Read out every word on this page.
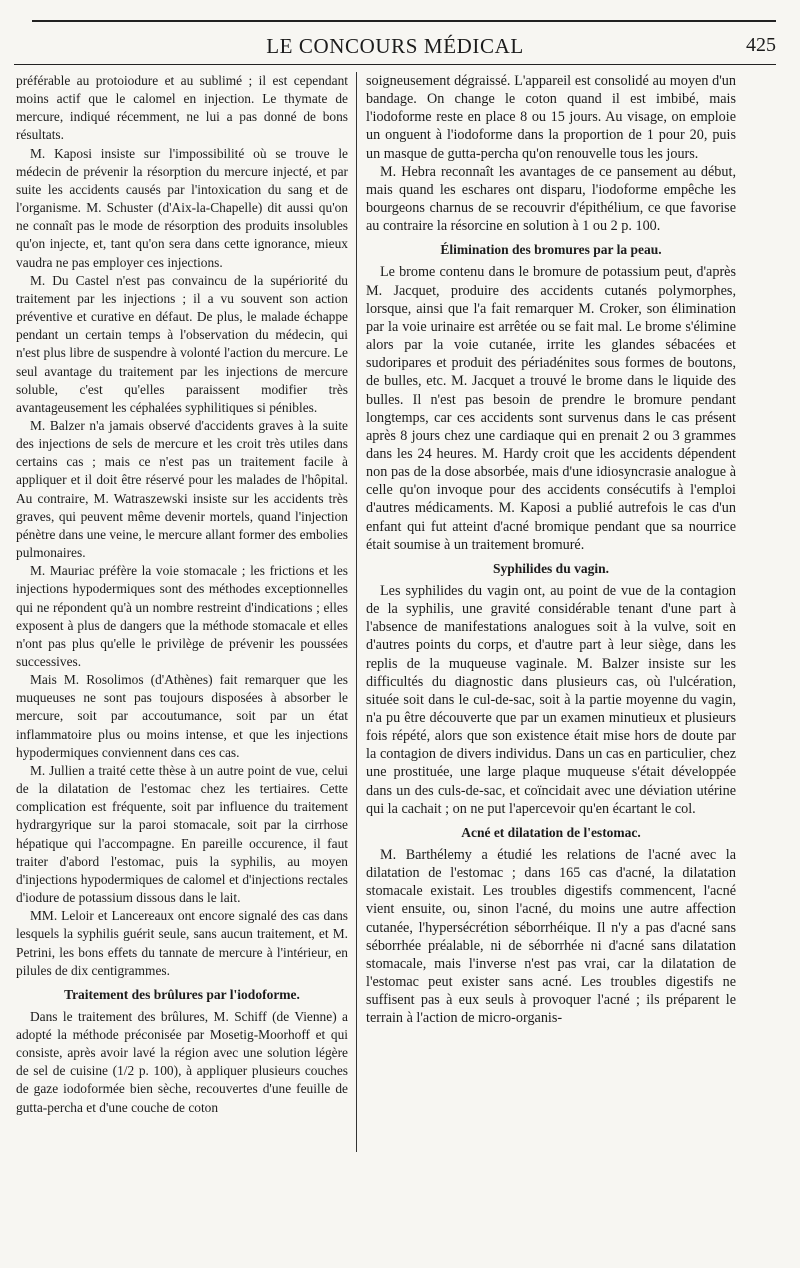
LE CONCOURS MÉDICAL	425

préférable au protoiodure et au sublimé ; il est cependant moins actif que le calomel en injection. Le thymate de mercure, indiqué récemment, ne lui a pas donné de bons résultats.

M. Kaposi insiste sur l'impossibilité où se trouve le médecin de prévenir la résorption du mercure injecté, et par suite les accidents causés par l'intoxication du sang et de l'organisme. M. Schuster (d'Aix-la-Chapelle) dit aussi qu'on ne connaît pas le mode de résorption des produits insolubles qu'on injecte, et, tant qu'on sera dans cette ignorance, mieux vaudra ne pas employer ces injections.

M. Du Castel n'est pas convaincu de la supériorité du traitement par les injections ; il a vu souvent son action préventive et curative en défaut. De plus, le malade échappe pendant un certain temps à l'observation du médecin, qui n'est plus libre de suspendre à volonté l'action du mercure. Le seul avantage du traitement par les injections de mercure soluble, c'est qu'elles paraissent modifier très avantageusement les céphalées syphilitiques si pénibles.

M. Balzer n'a jamais observé d'accidents graves à la suite des injections de sels de mercure et les croit très utiles dans certains cas ; mais ce n'est pas un traitement facile à appliquer et il doit être réservé pour les malades de l'hôpital. Au contraire, M. Watraszewski insiste sur les accidents très graves, qui peuvent même devenir mortels, quand l'injection pénètre dans une veine, le mercure allant former des embolies pulmonaires.

M. Mauriac préfère la voie stomacale ; les frictions et les injections hypodermiques sont des méthodes exceptionnelles qui ne répondent qu'à un nombre restreint d'indications ; elles exposent à plus de dangers que la méthode stomacale et elles n'ont pas plus qu'elle le privilège de prévenir les poussées successives.

Mais M. Rosolimos (d'Athènes) fait remarquer que les muqueuses ne sont pas toujours disposées à absorber le mercure, soit par accoutumance, soit par un état inflammatoire plus ou moins intense, et que les injections hypodermiques conviennent dans ces cas.

M. Jullien a traité cette thèse à un autre point de vue, celui de la dilatation de l'estomac chez les tertiaires. Cette complication est fréquente, soit par influence du traitement hydrargyrique sur la paroi stomacale, soit par la cirrhose hépatique qui l'accompagne. En pareille occurence, il faut traiter d'abord l'estomac, puis la syphilis, au moyen d'injections hypodermiques de calomel et d'injections rectales d'iodure de potassium dissous dans le lait.

MM. Leloir et Lancereaux ont encore signalé des cas dans lesquels la syphilis guérit seule, sans aucun traitement, et M. Petrini, les bons effets du tannate de mercure à l'intérieur, en pilules de dix centigrammes.

Traitement des brûlures par l'iodoforme.

Dans le traitement des brûlures, M. Schiff (de Vienne) a adopté la méthode préconisée par Mosetig-Moorhoff et qui consiste, après avoir lavé la région avec une solution légère de sel de cuisine (1/2 p. 100), à appliquer plusieurs couches de gaze iodoformée bien sèche, recouvertes d'une feuille de gutta-percha et d'une couche de coton

soigneusement dégraissé. L'appareil est consolidé au moyen d'un bandage. On change le coton quand il est imbibé, mais l'iodoforme reste en place 8 ou 15 jours. Au visage, on emploie un onguent à l'iodoforme dans la proportion de 1 pour 20, puis un masque de gutta-percha qu'on renouvelle tous les jours.

M. Hebra reconnaît les avantages de ce pansement au début, mais quand les eschares ont disparu, l'iodoforme empêche les bourgeons charnus de se recouvrir d'épithélium, ce que favorise au contraire la résorcine en solution à 1 ou 2 p. 100.

Élimination des bromures par la peau.

Le brome contenu dans le bromure de potassium peut, d'après M. Jacquet, produire des accidents cutanés polymorphes, lorsque, ainsi que l'a fait remarquer M. Croker, son élimination par la voie urinaire est arrêtée ou se fait mal. Le brome s'élimine alors par la voie cutanée, irrite les glandes sébacées et sudoripares et produit des périadénites sous formes de boutons, de bulles, etc. M. Jacquet a trouvé le brome dans le liquide des bulles. Il n'est pas besoin de prendre le bromure pendant longtemps, car ces accidents sont survenus dans le cas présent après 8 jours chez une cardiaque qui en prenait 2 ou 3 grammes dans les 24 heures. M. Hardy croit que les accidents dépendent non pas de la dose absorbée, mais d'une idiosyncrasie analogue à celle qu'on invoque pour des accidents consécutifs à l'emploi d'autres médicaments. M. Kaposi a publié autrefois le cas d'un enfant qui fut atteint d'acné bromique pendant que sa nourrice était soumise à un traitement bromuré.

Syphilides du vagin.

Les syphilides du vagin ont, au point de vue de la contagion de la syphilis, une gravité considérable tenant d'une part à l'absence de manifestations analogues soit à la vulve, soit en d'autres points du corps, et d'autre part à leur siège, dans les replis de la muqueuse vaginale. M. Balzer insiste sur les difficultés du diagnostic dans plusieurs cas, où l'ulcération, située soit dans le cul-de-sac, soit à la partie moyenne du vagin, n'a pu être découverte que par un examen minutieux et plusieurs fois répété, alors que son existence était mise hors de doute par la contagion de divers individus. Dans un cas en particulier, chez une prostituée, une large plaque muqueuse s'était développée dans un des culs-de-sac, et coïncidait avec une déviation utérine qui la cachait ; on ne put l'apercevoir qu'en écartant le col.

Acné et dilatation de l'estomac.

M. Barthélemy a étudié les relations de l'acné avec la dilatation de l'estomac ; dans 165 cas d'acné, la dilatation stomacale existait. Les troubles digestifs commencent, l'acné vient ensuite, ou, sinon l'acné, du moins une autre affection cutanée, l'hypersécrétion séborrhéique. Il n'y a pas d'acné sans séborrhée préalable, ni de séborrhée ni d'acné sans dilatation stomacale, mais l'inverse n'est pas vrai, car la dilatation de l'estomac peut exister sans acné. Les troubles digestifs ne suffisent pas à eux seuls à provoquer l'acné ; ils préparent le terrain à l'action de micro-organis-
